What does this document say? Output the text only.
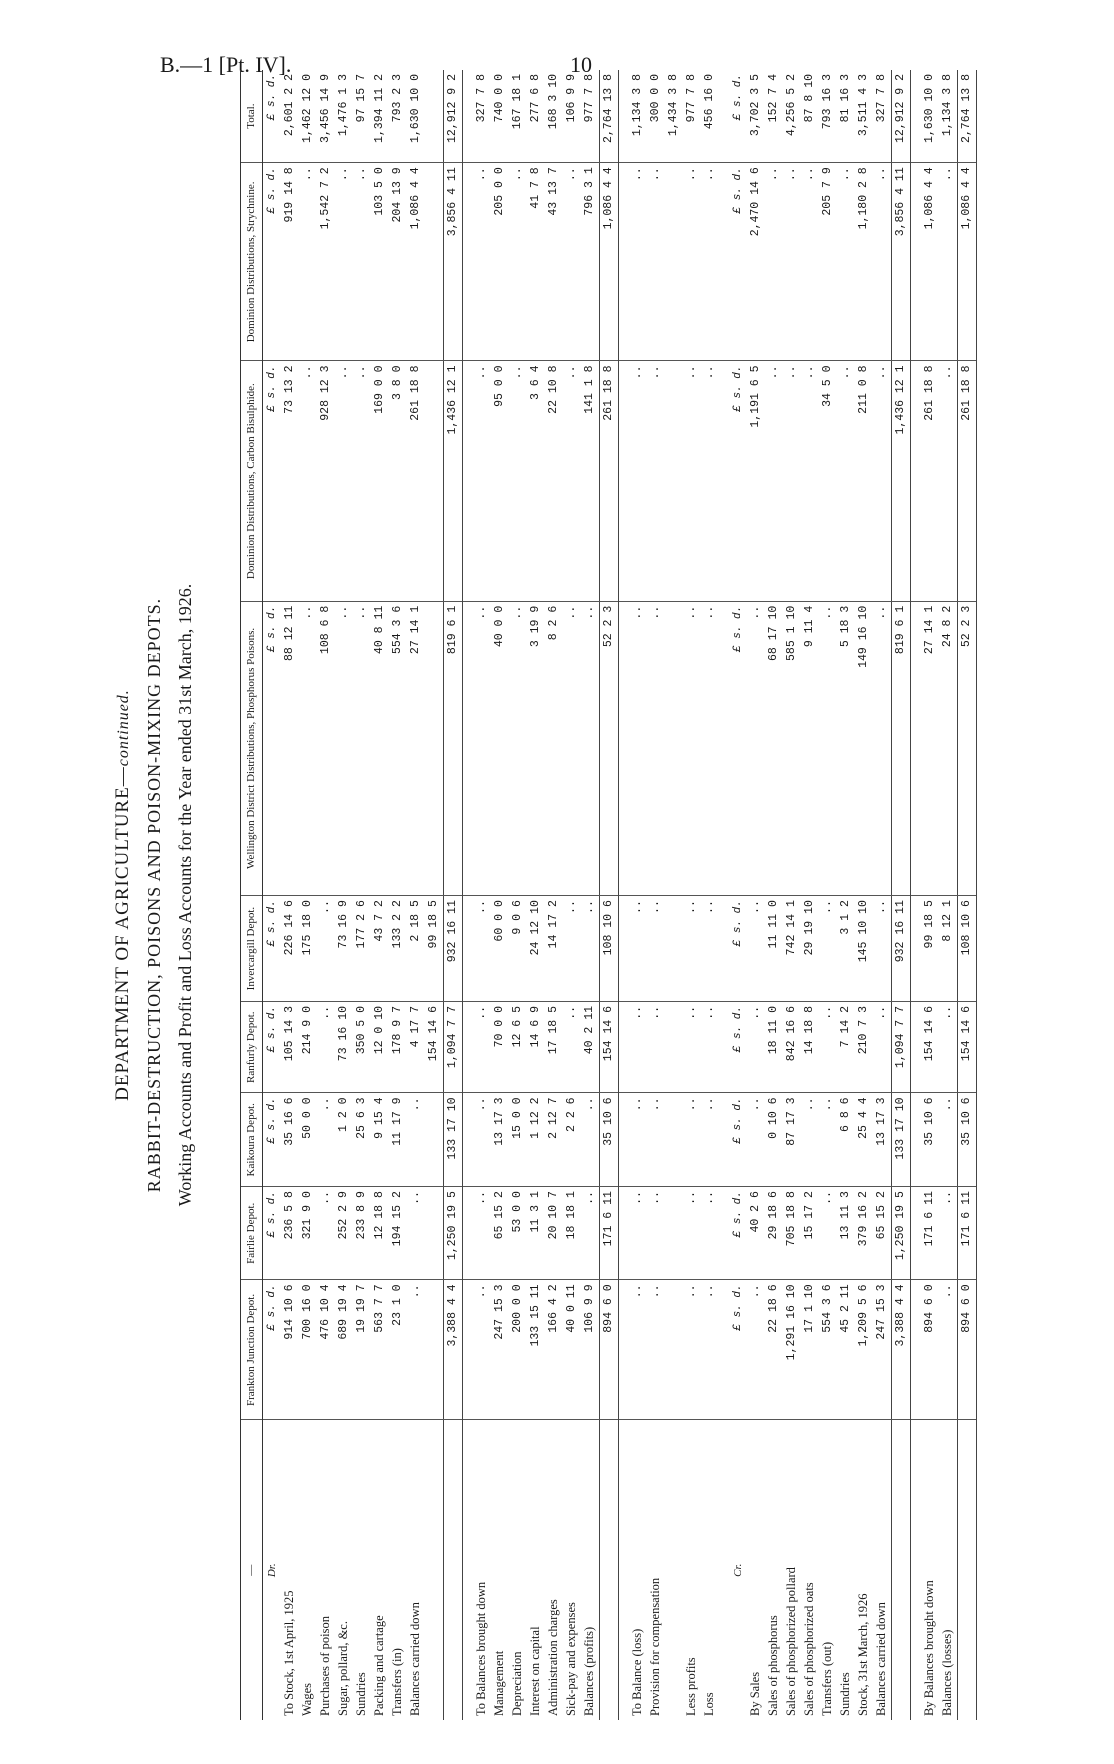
B.—1 [Pt. IV].	10
DEPARTMENT OF AGRICULTURE—continued. RABBIT-DESTRUCTION, POISONS AND POISON-MIXING DEPOTS. Working Accounts and Profit and Loss Accounts for the Year ended 31st March, 1926.
—	Frankton Junction Depot.	Fairlie Depot.	Kaikoura Depot.	Ranfurly Depot.	Invercargill Depot.	Wellington District Distributions, Phosphorus Poisons.	Dominion Distributions, Carbon Bisulphide.	Dominion Distributions, Strychnine.	Total.
Dr.	£ s. d.	£ s. d.	£ s. d.	£ s. d.	£ s. d.	£ s. d.	£ s. d.	£ s. d.	£ s. d.
To Stock, 1st April, 1925	914 10 6	236 5 8	35 16 6	105 14 3	226 14 6	88 12 11	73 13 2	919 14 8	2,601 2 2
Wages	700 16 0	321 9 0	50 0 0	214 9 0	175 18 0	..	..	..	1,462 12 0
Purchases of poison	476 10 4	..	..	..	..	108 6 8	928 12 3	1,542 7 2	3,456 14 9
Sugar, pollard, &c.	689 19 4	252 2 9	1 2 0	73 16 10	73 16 9	..	..	..	1,476 1 3
Sundries	19 19 7	233 8 9	25 6 3	350 5 0	177 2 6	..	..	..	97 15 7
Packing and cartage	563 7 7	12 18 8	9 15 4	12 0 10	43 7 2	40 8 11	169 0 0	103 5 0	1,394 11 2
Transfers (in)	23 1 0	194 15 2	11 17 9	178 9 7	133 2 2	554 3 6	3 8 0	204 13 9	793 2 3
Balances carried down	..	..	..	4 17 7	2 18 5	27 14 1	261 18 8	1,086 4 4	1,630 10 0
				154 14 6	99 18 5				
	3,388 4 4	1,250 19 5	133 17 10	1,094 7 7	932 16 11	819 6 1	1,436 12 1	3,856 4 11	12,912 9 2

To Balances brought down	..	..	..	..	..	..	..	..	327 7 8
Management	247 15 3	65 15 2	13 17 3	70 0 0	60 0 0	40 0 0	95 0 0	205 0 0	740 0 0
Depreciation	200 0 0	53 0 0	15 0 0	12 6 5	9 0 6	..	..	..	167 18 1
Interest on capital	133 15 11	11 3 1	1 12 2	14 6 9	24 12 10	3 19 9	3 6 4	41 7 8	277 6 8
Administration charges	166 4 2	20 10 7	2 12 7	17 18 5	14 17 2	8 2 6	22 10 8	43 13 7	168 3 10
Sick-pay and expenses	40 0 11	18 18 1	2 2 6	..	..	..	..	..	106 9 9
Balances (profits)	106 9 9	..	..	40 2 11	..	..	141 1 8	796 3 1	977 7 8
	894 6 0	171 6 11	35 10 6	154 14 6	108 10 6	52 2 3	261 18 8	1,086 4 4	2,764 13 8

To Balance (loss)	..	..	..	..	..	..	..	..	1,134 3 8
Provision for compensation	..	..	..	..	..	..	..	..	300 0 0
									1,434 3 8
Less profits	..	..	..	..	..	..	..	..	977 7 8
Loss	..	..	..	..	..	..	..	..	456 16 0

Cr.	£ s. d.	£ s. d.	£ s. d.	£ s. d.	£ s. d.	£ s. d.	£ s. d.	£ s. d.	£ s. d.
By Sales	..	40 2 6	..	..	..	..	1,191 6 5	2,470 14 6	3,702 3 5
Sales of phosphorus	22 18 6	29 18 6	0 10 6	18 11 0	11 11 0	68 17 10	..	..	152 7 4
Sales of phosphorized pollard	1,291 16 10	705 18 8	87 17 3	842 16 6	742 14 1	585 1 10	..	..	4,256 5 2
Sales of phosphorized oats	17 1 10	15 17 2	..	14 18 8	29 19 10	9 11 4	..	..	87 8 10
Transfers (out)	554 3 6	..	..	..	..	..	34 5 0	205 7 9	793 16 3
Sundries	45 2 11	13 11 3	6 8 6	7 14 2	3 1 2	5 18 3	..	..	81 16 3
Stock, 31st March, 1926	1,209 5 6	379 16 2	25 4 4	210 7 3	145 10 10	149 16 10	211 0 8	1,180 2 8	3,511 4 3
Balances carried down	247 15 3	65 15 2	13 17 3	..	..	..	..	..	327 7 8
	3,388 4 4	1,250 19 5	133 17 10	1,094 7 7	932 16 11	819 6 1	1,436 12 1	3,856 4 11	12,912 9 2

By Balances brought down	894 6 0	171 6 11	35 10 6	154 14 6	99 18 5	27 14 1	261 18 8	1,086 4 4	1,630 10 0
Balances (losses)	..	..	..	..	8 12 1	24 8 2	..	..	1,134 3 8
	894 6 0	171 6 11	35 10 6	154 14 6	108 10 6	52 2 3	261 18 8	1,086 4 4	2,764 13 8
